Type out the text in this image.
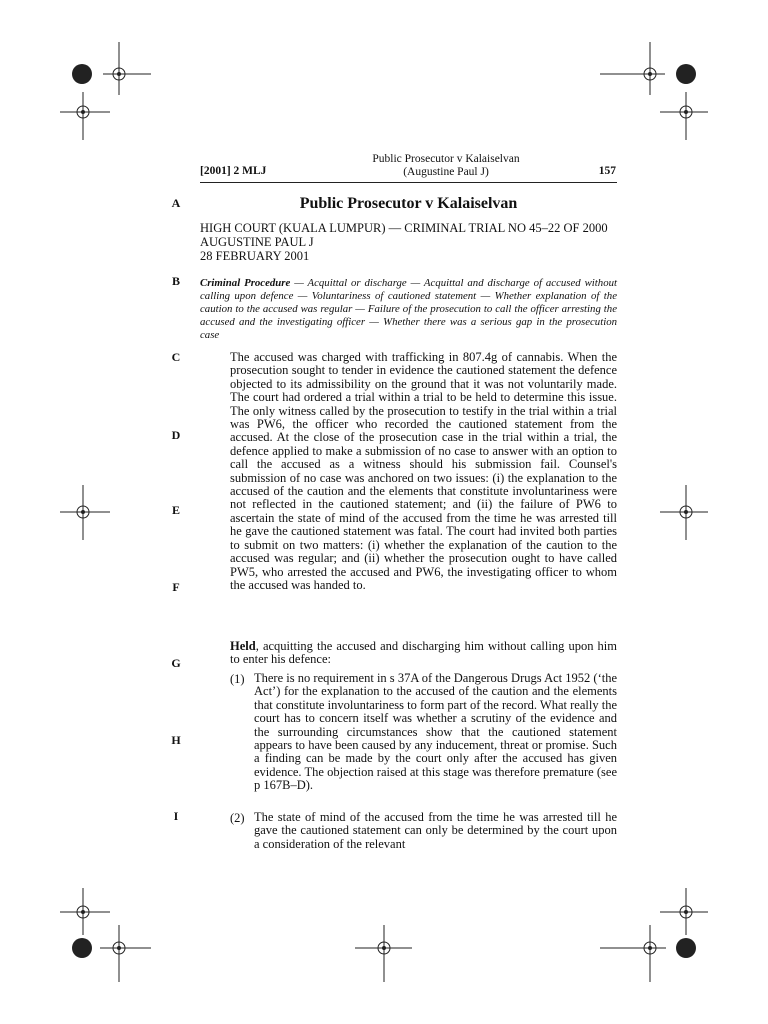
[2001] 2 MLJ
Public Prosecutor v Kalaiselvan
(Augustine Paul J)	157
A
B
C
D
E
F
G
H
I
Public Prosecutor v Kalaiselvan
HIGH COURT (KUALA LUMPUR) — CRIMINAL TRIAL NO 45–22 OF 2000
AUGUSTINE PAUL J
28 FEBRUARY 2001
Criminal Procedure — Acquittal or discharge — Acquittal and discharge of accused without calling upon defence — Voluntariness of cautioned statement — Whether explanation of the caution to the accused was regular — Failure of the prosecution to call the officer arresting the accused and the investigating officer — Whether there was a serious gap in the prosecution case
The accused was charged with trafficking in 807.4g of cannabis. When the prosecution sought to tender in evidence the cautioned statement the defence objected to its admissibility on the ground that it was not voluntarily made. The court had ordered a trial within a trial to be held to determine this issue. The only witness called by the prosecution to testify in the trial within a trial was PW6, the officer who recorded the cautioned statement from the accused. At the close of the prosecution case in the trial within a trial, the defence applied to make a submission of no case to answer with an option to call the accused as a witness should his submission fail. Counsel's submission of no case was anchored on two issues: (i) the explanation to the accused of the caution and the elements that constitute involuntariness were not reflected in the cautioned statement; and (ii) the failure of PW6 to ascertain the state of mind of the accused from the time he was arrested till he gave the cautioned statement was fatal. The court had invited both parties to submit on two matters: (i) whether the explanation of the caution to the accused was regular; and (ii) whether the prosecution ought to have called PW5, who arrested the accused and PW6, the investigating officer to whom the accused was handed to.
Held, acquitting the accused and discharging him without calling upon him to enter his defence:
(1) There is no requirement in s 37A of the Dangerous Drugs Act 1952 (‘the Act’) for the explanation to the accused of the caution and the elements that constitute involuntariness to form part of the record. What really the court has to concern itself was whether a scrutiny of the evidence and the surrounding circumstances show that the cautioned statement appears to have been caused by any inducement, threat or promise. Such a finding can be made by the court only after the accused has given evidence. The objection raised at this stage was therefore premature (see p 167B–D).
(2) The state of mind of the accused from the time he was arrested till he gave the cautioned statement can only be determined by the court upon a consideration of the relevant
